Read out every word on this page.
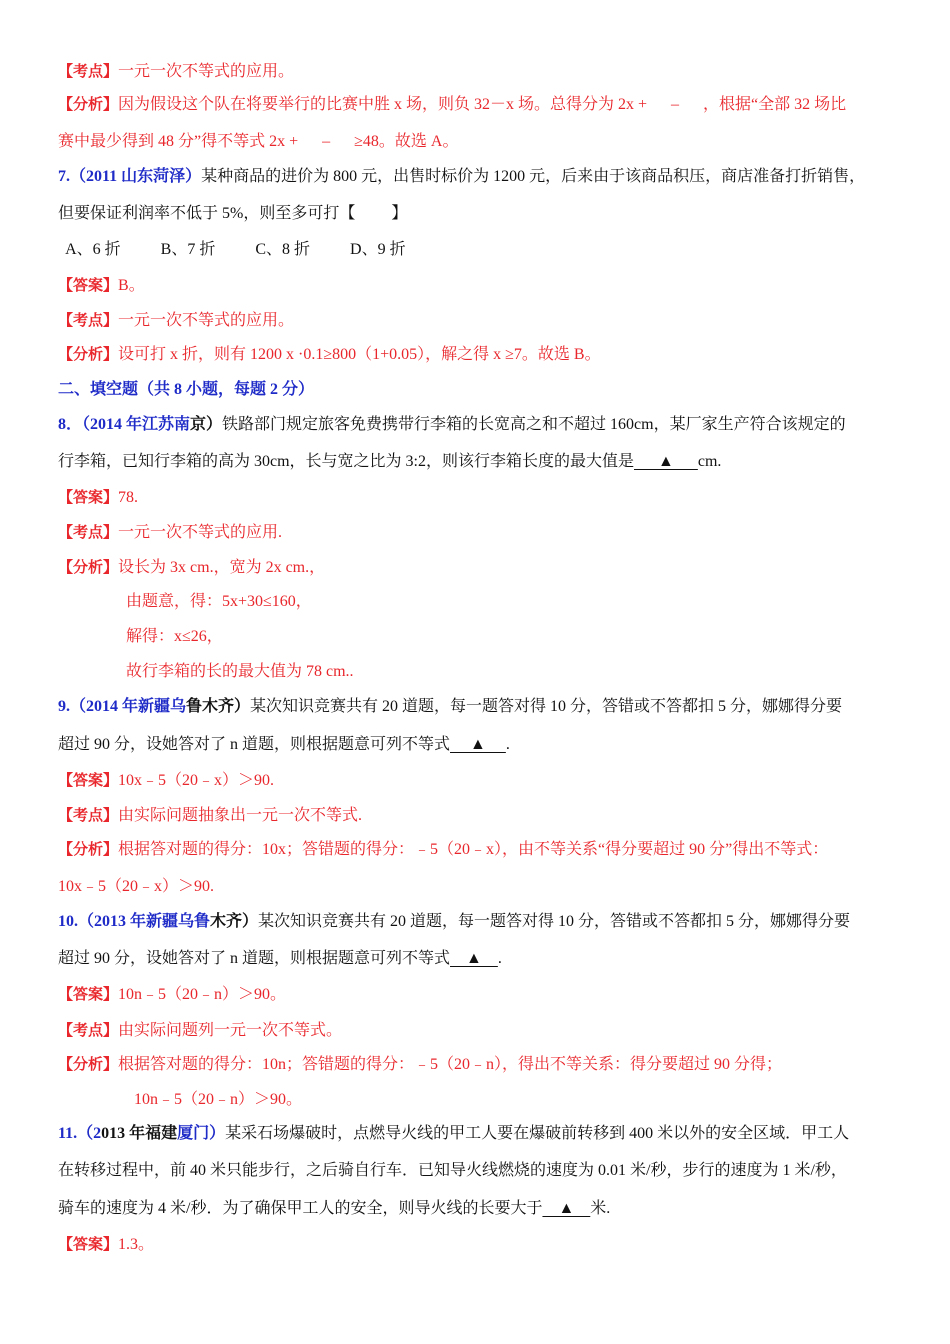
【考点】一元一次不等式的应用。
【分析】因为假设这个队在将要举行的比赛中胜 x 场，则负 32－x 场。总得分为 2x +      –      ，根据“全部 32 场比
赛中最少得到 48 分”得不等式 2x +      –      ≥48。故选 A。
7.（2011 山东菏泽）某种商品的进价为 800 元，出售时标价为 1200 元，后来由于该商品积压，商店准备打折销售，
但要保证利润率不低于 5%，则至多可打【         】
A、6 折          B、7 折          C、8 折          D、9 折
【答案】B。
【考点】一元一次不等式的应用。
【分析】设可打 x 折，则有 1200 x ·0.1≥800（1+0.05），解之得 x ≥7。故选 B。
二、填空题（共 8 小题，每题 2 分）
8．（2014 年江苏南京）铁路部门规定旅客免费携带行李箱的长宽高之和不超过 160cm，某厂家生产符合该规定的
行李箱，已知行李箱的高为 30cm，长与宽之比为 3:2，则该行李箱长度的最大值是      ▲      cm.
【答案】78.
【考点】一元一次不等式的应用.
【分析】设长为 3x cm.，宽为 2x cm.，
由题意，得：5x+30≤160，
解得：x≤26，
故行李箱的长的最大值为 78 cm..
9.（2014 年新疆乌鲁木齐）某次知识竞赛共有 20 道题，每一题答对得 10 分，答错或不答都扣 5 分，娜娜得分要
超过 90 分，设她答对了 n 道题，则根据题意可列不等式     ▲     .
【答案】10x﹣5（20﹣x）＞90.
【考点】由实际问题抽象出一元一次不等式.
【分析】根据答对题的得分：10x；答错题的得分：﹣5（20﹣x），由不等关系“得分要超过 90 分”得出不等式：
10x﹣5（20﹣x）＞90.
10.（2013 年新疆乌鲁木齐）某次知识竞赛共有 20 道题，每一题答对得 10 分，答错或不答都扣 5 分，娜娜得分要
超过 90 分，设她答对了 n 道题，则根据题意可列不等式    ▲    .
【答案】10n﹣5（20﹣n）＞90。
【考点】由实际问题列一元一次不等式。
【分析】根据答对题的得分：10n；答错题的得分：﹣5（20﹣n），得出不等关系：得分要超过 90 分得；
10n﹣5（20﹣n）＞90。
11.（2013 年福建厦门）某采石场爆破时，点燃导火线的甲工人要在爆破前转移到 400 米以外的安全区域．甲工人
在转移过程中，前 40 米只能步行，之后骑自行车．已知导火线燃烧的速度为 0.01 米/秒，步行的速度为 1 米/秒，
骑车的速度为 4 米/秒．为了确保甲工人的安全，则导火线的长要大于    ▲    米.
【答案】1.3。
